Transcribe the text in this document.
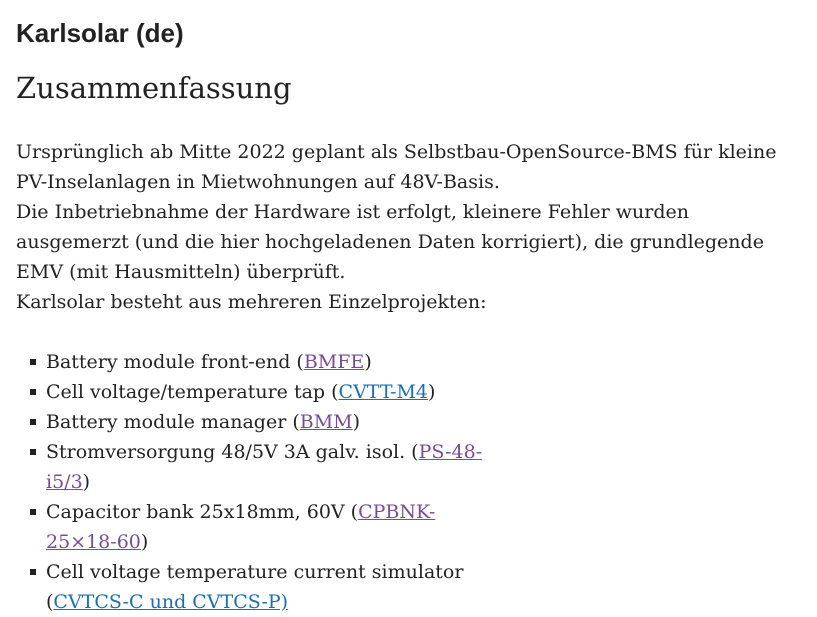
Karlsolar (de)
Zusammenfassung

Ursprünglich ab Mitte 2022 geplant als Selbstbau-OpenSource-BMS für kleine PV-Inselanlagen in Mietwohnungen auf 48V-Basis.

Die Inbetriebnahme der Hardware ist erfolgt, kleinere Fehler wurden ausgemerzt (und die hier hochgeladenen Daten korrigiert), die grundlegende EMV (mit Hausmitteln) überprüft.

Karlsolar besteht aus mehreren Einzelprojekten:

Battery module front-end (BMFE)
Cell voltage/temperature tap (CVTT-M4)
Battery module manager (BMM)
Stromversorgung 48/5V 3A galv. isol. (PS-48-i5/3)
Capacitor bank 25x18mm, 60V (CPBNK-25×18-60)
Cell voltage temperature current simulator (CVTCS-C und CVTCS-P)
